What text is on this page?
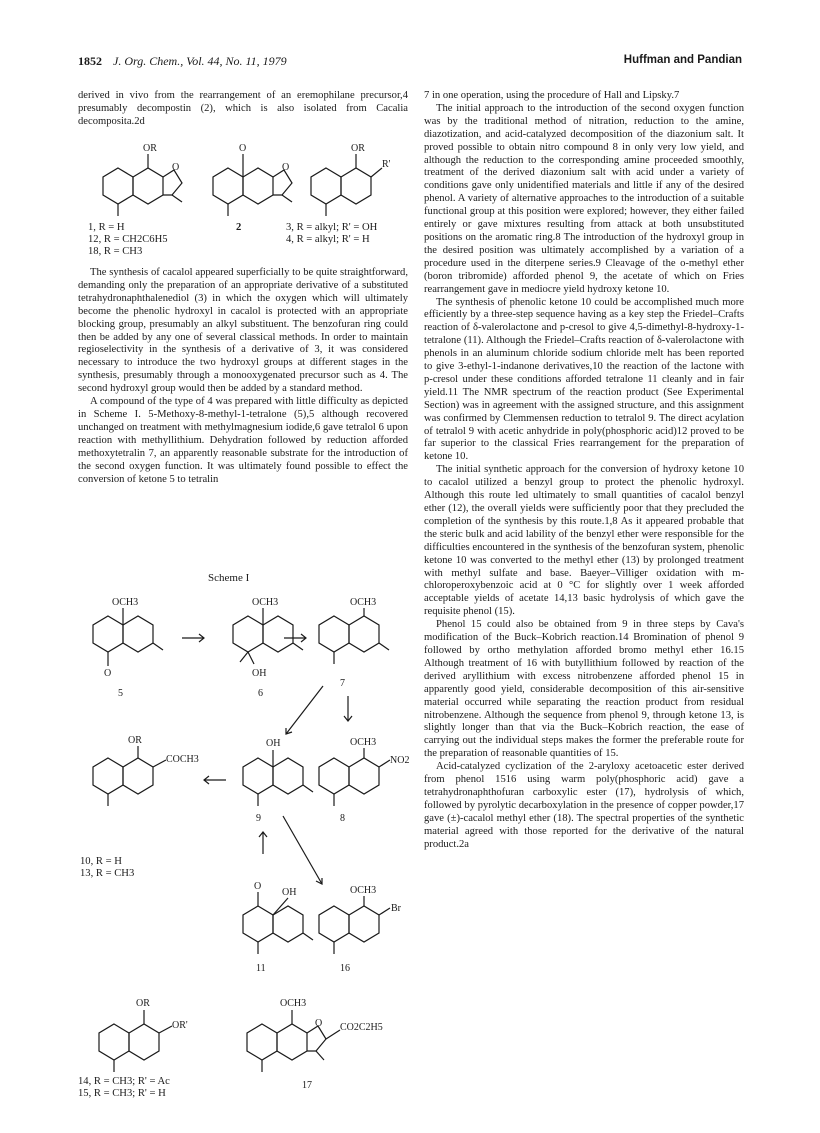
1852 J. Org. Chem., Vol. 44, No. 11, 1979	Huffman and Pandian

derived in vivo from the rearrangement of an eremophilane precursor,4 presumably decompostin (2), which is also isolated from Cacalia decomposita.2d

OR
O
1, R = H
12, R = CH2C6H5
18, R = CH3
O
O
2
OR
R'
3, R = alkyl; R' = OH
4, R = alkyl; R' = H

The synthesis of cacalol appeared superficially to be quite straightforward, demanding only the preparation of an appropriate derivative of a substituted tetrahydronaphthalenediol (3) in which the oxygen which will ultimately become the phenolic hydroxyl in cacalol is protected with an appropriate blocking group, presumably an alkyl substituent. The benzofuran ring could then be added by any one of several classical methods. In order to maintain regioselectivity in the synthesis of a derivative of 3, it was considered necessary to introduce the two hydroxyl groups at different stages in the synthesis, presumably through a monooxygenated precursor such as 4. The second hydroxyl group would then be added by a standard method.

A compound of the type of 4 was prepared with little difficulty as depicted in Scheme I. 5-Methoxy-8-methyl-1-tetralone (5),5 although recovered unchanged on treatment with methylmagnesium iodide,6 gave tetralol 6 upon reaction with methyllithium. Dehydration followed by reduction afforded methoxytetralin 7, an apparently reasonable substrate for the introduction of the second oxygen function. It was ultimately found possible to effect the conversion of ketone 5 to tetralin

7 in one operation, using the procedure of Hall and Lipsky.7

The initial approach to the introduction of the second oxygen function was by the traditional method of nitration, reduction to the amine, diazotization, and acid-catalyzed decomposition of the diazonium salt. It proved possible to obtain nitro compound 8 in only very low yield, and although the reduction to the corresponding amine proceeded smoothly, treatment of the derived diazonium salt with acid under a variety of conditions gave only unidentified materials and little if any of the desired phenol. A variety of alternative approaches to the introduction of a suitable functional group at this position were explored; however, they either failed entirely or gave mixtures resulting from attack at both unsubstituted positions on the aromatic ring.8 The introduction of the hydroxyl group in the desired position was ultimately accomplished by a variation of a procedure used in the diterpene series.9 Cleavage of the o-methyl ether (boron tribromide) afforded phenol 9, the acetate of which on Fries rearrangement gave in mediocre yield hydroxy ketone 10.

The synthesis of phenolic ketone 10 could be accomplished much more efficiently by a three-step sequence having as a key step the Friedel–Crafts reaction of δ-valerolactone and p-cresol to give 4,5-dimethyl-8-hydroxy-1-tetralone (11). Although the Friedel–Crafts reaction of δ-valerolactone with phenols in an aluminum chloride sodium chloride melt has been reported to give 3-ethyl-1-indanone derivatives,10 the reaction of the lactone with p-cresol under these conditions afforded tetralone 11 cleanly and in fair yield.11 The NMR spectrum of the reaction product (See Experimental Section) was in agreement with the assigned structure, and this assignment was confirmed by Clemmensen reduction to tetralol 9. The direct acylation of tetralol 9 with acetic anhydride in poly(phosphoric acid)12 proved to be far superior to the classical Fries rearrangement for the preparation of ketone 10.

The initial synthetic approach for the conversion of hydroxy ketone 10 to cacalol utilized a benzyl group to protect the phenolic hydroxyl. Although this route led ultimately to small quantities of cacalol benzyl ether (12), the overall yields were sufficiently poor that they precluded the completion of the synthesis by this route.1,8 As it appeared probable that the steric bulk and acid lability of the benzyl ether were responsible for the difficulties encountered in the synthesis of the benzofuran system, phenolic ketone 10 was converted to the methyl ether (13) by prolonged treatment with methyl sulfate and base. Baeyer–Villiger oxidation with m-chloroperoxybenzoic acid at 0 °C for slightly over 1 week afforded acceptable yields of acetate 14,13 basic hydrolysis of which gave the requisite phenol (15).

Phenol 15 could also be obtained from 9 in three steps by Cava's modification of the Buck–Kobrich reaction.14 Bromination of phenol 9 followed by ortho methylation afforded bromo methyl ether 16.15 Although treatment of 16 with butyllithium followed by reaction of the derived aryllithium with excess nitrobenzene afforded phenol 15 in apparently good yield, considerable decomposition of this air-sensitive material occurred while separating the reaction product from residual nitrobenzene. Although the sequence from phenol 9, through ketone 13, is slightly longer than that via the Buck–Kobrich reaction, the ease of carrying out the individual steps makes the former the preferable route for the preparation of reasonable quantities of 15.

Acid-catalyzed cyclization of the 2-aryloxy acetoacetic ester derived from phenol 1516 using warm poly(phosphoric acid) gave a tetrahydronaphthofuran carboxylic ester (17), hydrolysis of which, followed by pyrolytic decarboxylation in the presence of copper powder,17 gave (±)-cacalol methyl ether (18). The spectral properties of the synthetic material agreed with those reported for the derivative of the natural product.2a

Scheme I
OCH3
O
5
OCH3
OH
6
OCH3
7
OR
COCH3
OH
9
OCH3
NO2
8
O
OH
11
OCH3
Br
16
OR
OR'
OCH3
O CO2C2H5
17
10, R = H
13, R = CH3
14, R = CH3; R' = Ac
15, R = CH3; R' = H
